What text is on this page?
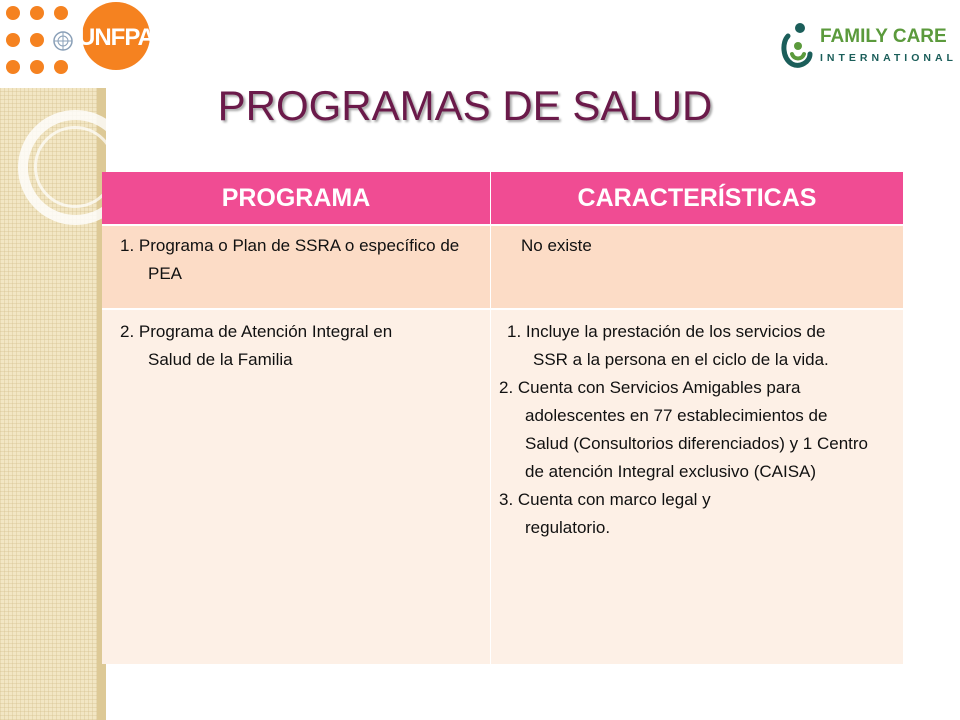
UNFPA	FAMILY CARE
INTERNATIONAL
PROGRAMAS DE SALUD
PROGRAMA	CARACTERÍSTICAS

1. Programa o Plan de SSRA o específico de PEA

No existe

2. Programa de Atención Integral en Salud de la Familia

1. Incluye la prestación de los servicios de SSR a la persona en el ciclo de la vida.

2. Cuenta con Servicios Amigables para adolescentes en 77 establecimientos de Salud (Consultorios diferenciados) y 1 Centro de atención Integral exclusivo (CAISA)

3. Cuenta con marco legal y regulatorio.
